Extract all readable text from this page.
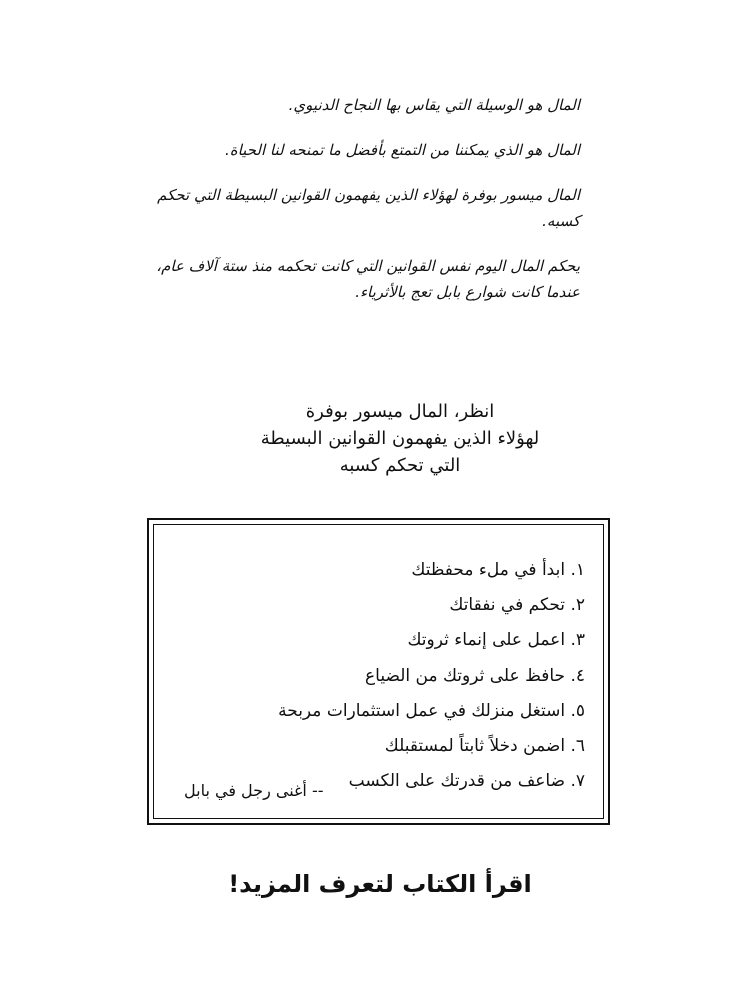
المال هو الوسيلة التي يقاس بها النجاح الدنيوي.

المال هو الذي يمكننا من التمتع بأفضل ما تمنحه لنا الحياة.

المال ميسور بوفرة لهؤلاء الذين يفهمون القوانين البسيطة التي تحكم كسبه.

يحكم المال اليوم نفس القوانين التي كانت تحكمه منذ ستة آلاف عام، عندما كانت شوارع بابل تعج بالأثرياء.

انظر، المال ميسور بوفرة
لهؤلاء الذين يفهمون القوانين البسيطة
التي تحكم كسبه
١. ابدأ في ملء محفظتك
٢. تحكم في نفقاتك
٣. اعمل على إنماء ثروتك
٤. حافظ على ثروتك من الضياع
٥. استغل منزلك في عمل استثمارات مربحة
٦. اضمن دخلاً ثابتاً لمستقبلك
٧. ضاعف من قدرتك على الكسب
-- أغنى رجل في بابل
اقرأ الكتاب لتعرف المزيد!
